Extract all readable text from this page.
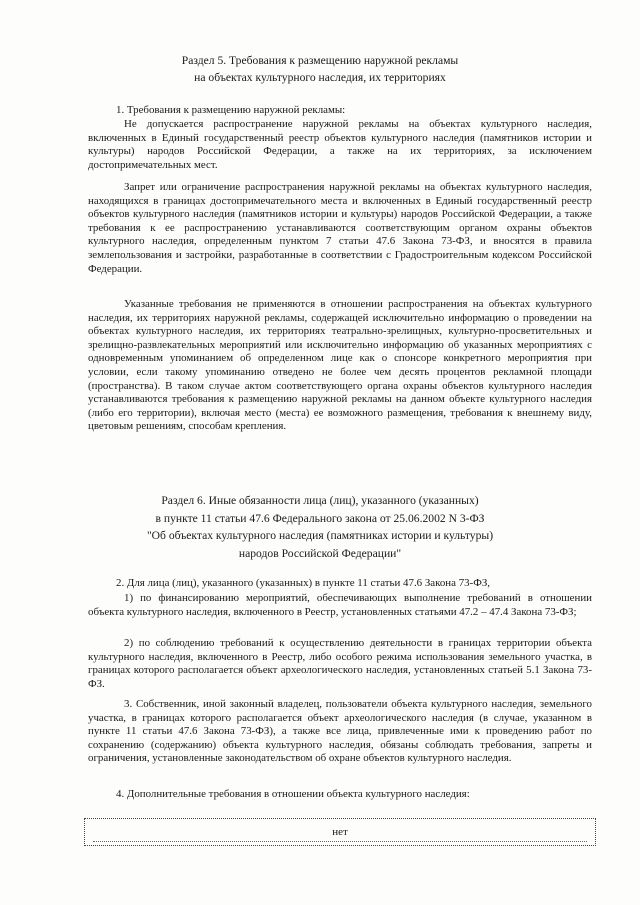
Раздел 5. Требования к размещению наружной рекламы
на объектах культурного наследия, их территориях
1. Требования к размещению наружной рекламы:
Не допускается распространение наружной рекламы на объектах культурного наследия, включенных в Единый государственный реестр объектов культурного наследия (памятников истории и культуры) народов Российской Федерации, а также на их территориях, за исключением достопримечательных мест.
Запрет или ограничение распространения наружной рекламы на объектах культурного наследия, находящихся в границах достопримечательного места и включенных в Единый государственный реестр объектов культурного наследия (памятников истории и культуры) народов Российской Федерации, а также требования к ее распространению устанавливаются соответствующим органом охраны объектов культурного наследия, определенным пунктом 7 статьи 47.6 Закона 73-ФЗ, и вносятся в правила землепользования и застройки, разработанные в соответствии с Градостроительным кодексом Российской Федерации.
Указанные требования не применяются в отношении распространения на объектах культурного наследия, их территориях наружной рекламы, содержащей исключительно информацию о проведении на объектах культурного наследия, их территориях театрально-зрелищных, культурно-просветительных и зрелищно-развлекательных мероприятий или исключительно информацию об указанных мероприятиях с одновременным упоминанием об определенном лице как о спонсоре конкретного мероприятия при условии, если такому упоминанию отведено не более чем десять процентов рекламной площади (пространства). В таком случае актом соответствующего органа охраны объектов культурного наследия устанавливаются требования к размещению наружной рекламы на данном объекте культурного наследия (либо его территории), включая место (места) ее возможного размещения, требования к внешнему виду, цветовым решениям, способам крепления.
Раздел 6. Иные обязанности лица (лиц), указанного (указанных)
в пункте 11 статьи 47.6 Федерального закона от 25.06.2002 N 3-ФЗ
"Об объектах культурного наследия (памятниках истории и культуры)
народов Российской Федерации"
2. Для лица (лиц), указанного (указанных) в пункте 11 статьи 47.6 Закона 73-ФЗ,
1) по финансированию мероприятий, обеспечивающих выполнение требований в отношении объекта культурного наследия, включенного в Реестр, установленных статьями 47.2 – 47.4 Закона 73-ФЗ;
2) по соблюдению требований к осуществлению деятельности в границах территории объекта культурного наследия, включенного в Реестр, либо особого режима использования земельного участка, в границах которого располагается объект археологического наследия, установленных статьей 5.1 Закона 73-ФЗ.
3. Собственник, иной законный владелец, пользователи объекта культурного наследия, земельного участка, в границах которого располагается объект археологического наследия (в случае, указанном в пункте 11 статьи 47.6 Закона 73-ФЗ), а также все лица, привлеченные ими к проведению работ по сохранению (содержанию) объекта культурного наследия, обязаны соблюдать требования, запреты и ограничения, установленные законодательством об охране объектов культурного наследия.
4. Дополнительные требования в отношении объекта культурного наследия:
нет
